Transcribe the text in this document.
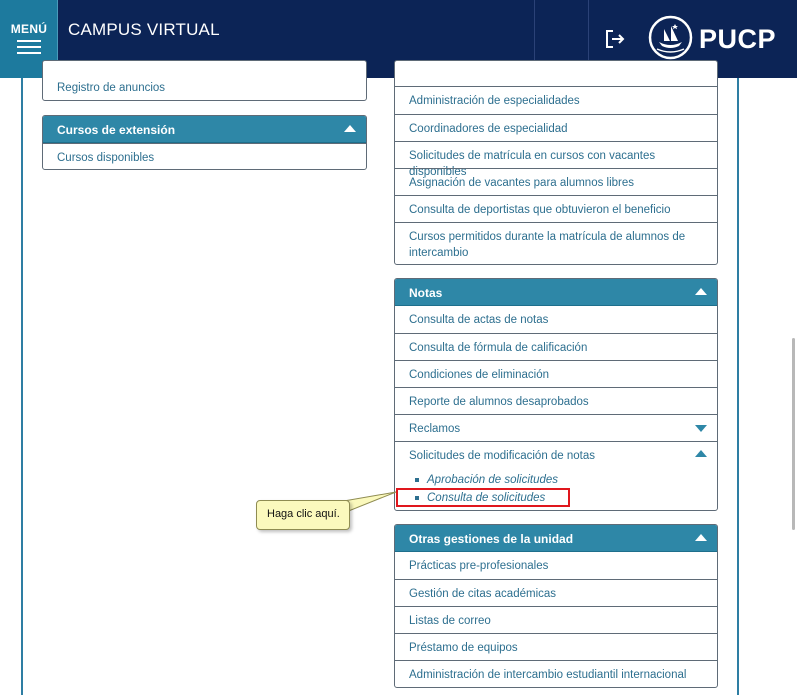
MENÚ	CAMPUS VIRTUAL	PUCP
Registro de anuncios
Cursos de extensión
Cursos disponibles
Administración de especialidades
Coordinadores de especialidad
Solicitudes de matrícula en cursos con vacantes disponibles
Asignación de vacantes para alumnos libres
Consulta de deportistas que obtuvieron el beneficio
Cursos permitidos durante la matrícula de alumnos de intercambio
Notas
Consulta de actas de notas
Consulta de fórmula de calificación
Condiciones de eliminación
Reporte de alumnos desaprobados
Reclamos
Solicitudes de modificación de notas
Aprobación de solicitudes
Consulta de solicitudes
Haga clic aquí.
Otras gestiones de la unidad
Prácticas pre-profesionales
Gestión de citas académicas
Listas de correo
Préstamo de equipos
Administración de intercambio estudiantil internacional
